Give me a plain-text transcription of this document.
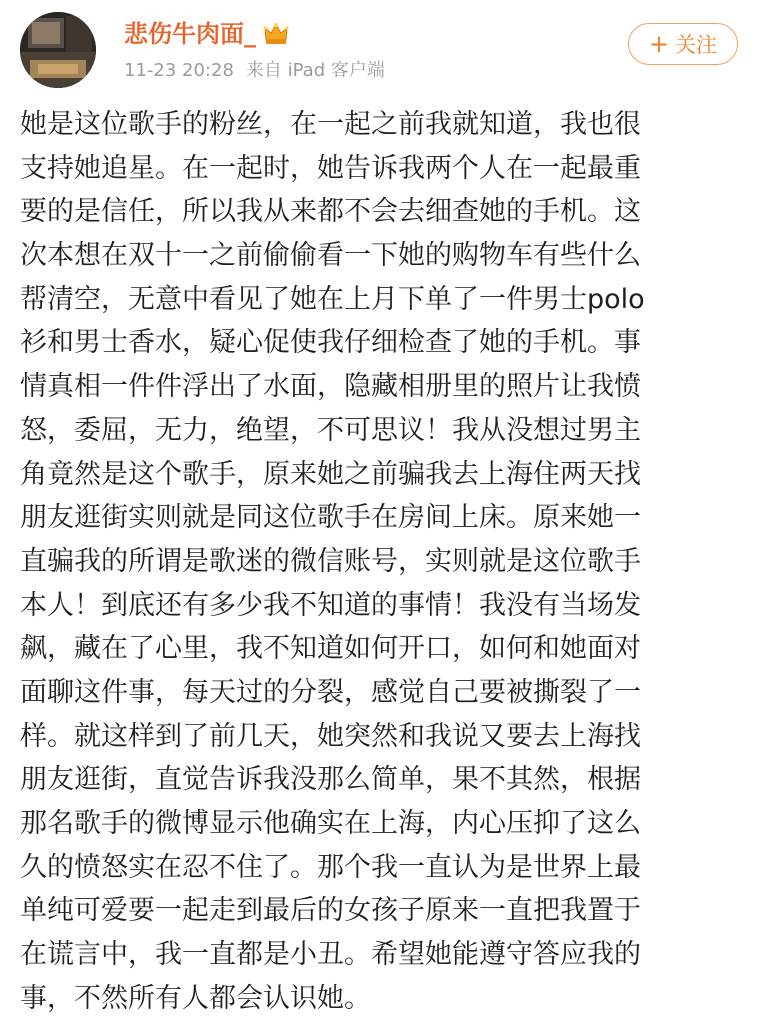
悲伤牛肉面_
11-23 20:28 来自 iPad 客户端
+ 关注
她是这位歌手的粉丝，在一起之前我就知道，我也很
支持她追星。在一起时，她告诉我两个人在一起最重
要的是信任，所以我从来都不会去细查她的手机。这
次本想在双十一之前偷偷看一下她的购物车有些什么
帮清空，无意中看见了她在上月下单了一件男士polo
衫和男士香水，疑心促使我仔细检查了她的手机。事
情真相一件件浮出了水面，隐藏相册里的照片让我愤
怒，委屈，无力，绝望，不可思议！我从没想过男主
角竟然是这个歌手，原来她之前骗我去上海住两天找
朋友逛街实则就是同这位歌手在房间上床。原来她一
直骗我的所谓是歌迷的微信账号，实则就是这位歌手
本人！到底还有多少我不知道的事情！我没有当场发
飙，藏在了心里，我不知道如何开口，如何和她面对
面聊这件事，每天过的分裂，感觉自己要被撕裂了一
样。就这样到了前几天，她突然和我说又要去上海找
朋友逛街，直觉告诉我没那么简单，果不其然，根据
那名歌手的微博显示他确实在上海，内心压抑了这么
久的愤怒实在忍不住了。那个我一直认为是世界上最
单纯可爱要一起走到最后的女孩子原来一直把我置于
在谎言中，我一直都是小丑。希望她能遵守答应我的
事，不然所有人都会认识她。
